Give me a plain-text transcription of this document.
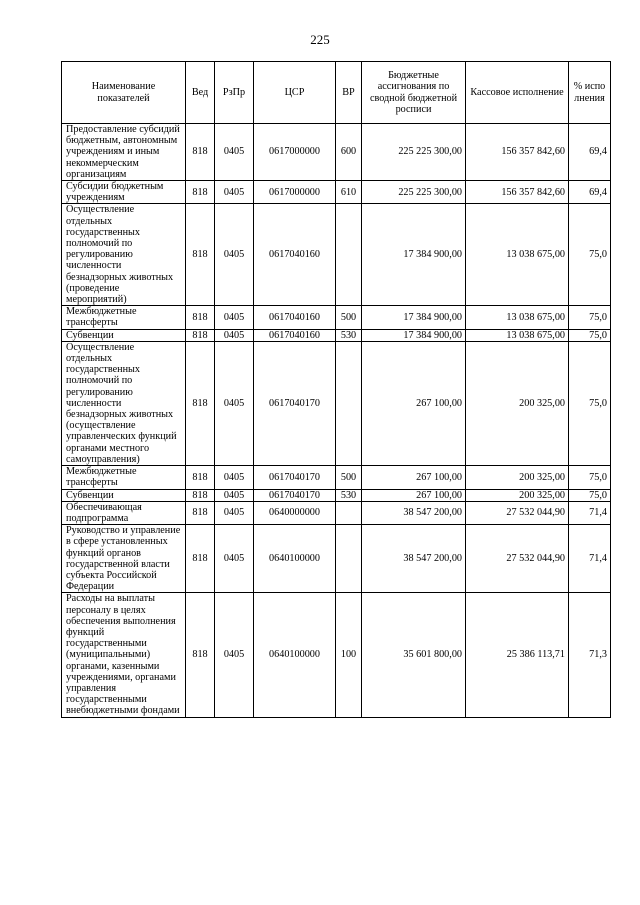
225
Наименование показателей	Вед	РзПр	ЦСР	ВР	Бюджетные ассигнования по сводной бюджетной росписи	Кассовое исполнение	% исполнения
Предоставление субсидий бюджетным, автономным учреждениям и иным некоммерческим организациям	818	0405	0617000000	600	225 225 300,00	156 357 842,60	69,4
Субсидии бюджетным учреждениям	818	0405	0617000000	610	225 225 300,00	156 357 842,60	69,4
Осуществление отдельных государственных полномочий по регулированию численности безнадзорных животных (проведение мероприятий)	818	0405	0617040160		17 384 900,00	13 038 675,00	75,0
Межбюджетные трансферты	818	0405	0617040160	500	17 384 900,00	13 038 675,00	75,0
Субвенции	818	0405	0617040160	530	17 384 900,00	13 038 675,00	75,0
Осуществление отдельных государственных полномочий по регулированию численности безнадзорных животных (осуществление управленческих функций органами местного самоуправления)	818	0405	0617040170		267 100,00	200 325,00	75,0
Межбюджетные трансферты	818	0405	0617040170	500	267 100,00	200 325,00	75,0
Субвенции	818	0405	0617040170	530	267 100,00	200 325,00	75,0
Обеспечивающая подпрограмма	818	0405	0640000000		38 547 200,00	27 532 044,90	71,4
Руководство и управление в сфере установленных функций органов государственной власти субъекта Российской Федерации	818	0405	0640100000		38 547 200,00	27 532 044,90	71,4
Расходы на выплаты персоналу в целях обеспечения выполнения функций государственными (муниципальными) органами, казенными учреждениями, органами управления государственными внебюджетными фондами	818	0405	0640100000	100	35 601 800,00	25 386 113,71	71,3
